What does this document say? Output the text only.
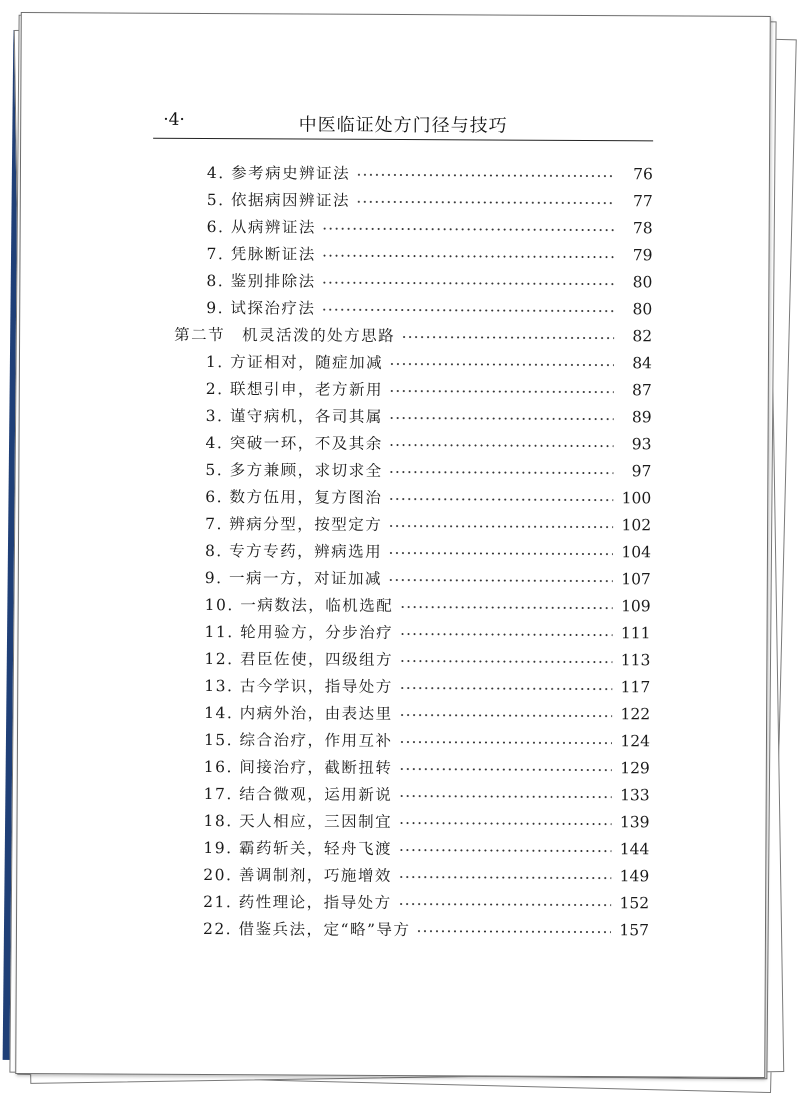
·4·	中医临证处方门径与技巧
4. 参考病史辨证法	76
5. 依据病因辨证法	77
6. 从病辨证法	78
7. 凭脉断证法	79
8. 鉴别排除法	80
9. 试探治疗法	80
第二节　机灵活泼的处方思路	82
1. 方证相对，随症加减	84
2. 联想引申，老方新用	87
3. 谨守病机，各司其属	89
4. 突破一环，不及其余	93
5. 多方兼顾，求切求全	97
6. 数方伍用，复方图治	100
7. 辨病分型，按型定方	102
8. 专方专药，辨病选用	104
9. 一病一方，对证加减	107
10. 一病数法，临机选配	109
11. 轮用验方，分步治疗	111
12. 君臣佐使，四级组方	113
13. 古今学识，指导处方	117
14. 内病外治，由表达里	122
15. 综合治疗，作用互补	124
16. 间接治疗，截断扭转	129
17. 结合微观，运用新说	133
18. 天人相应，三因制宜	139
19. 霸药斩关，轻舟飞渡	144
20. 善调制剂，巧施增效	149
21. 药性理论，指导处方	152
22. 借鉴兵法，定“略”导方	157
